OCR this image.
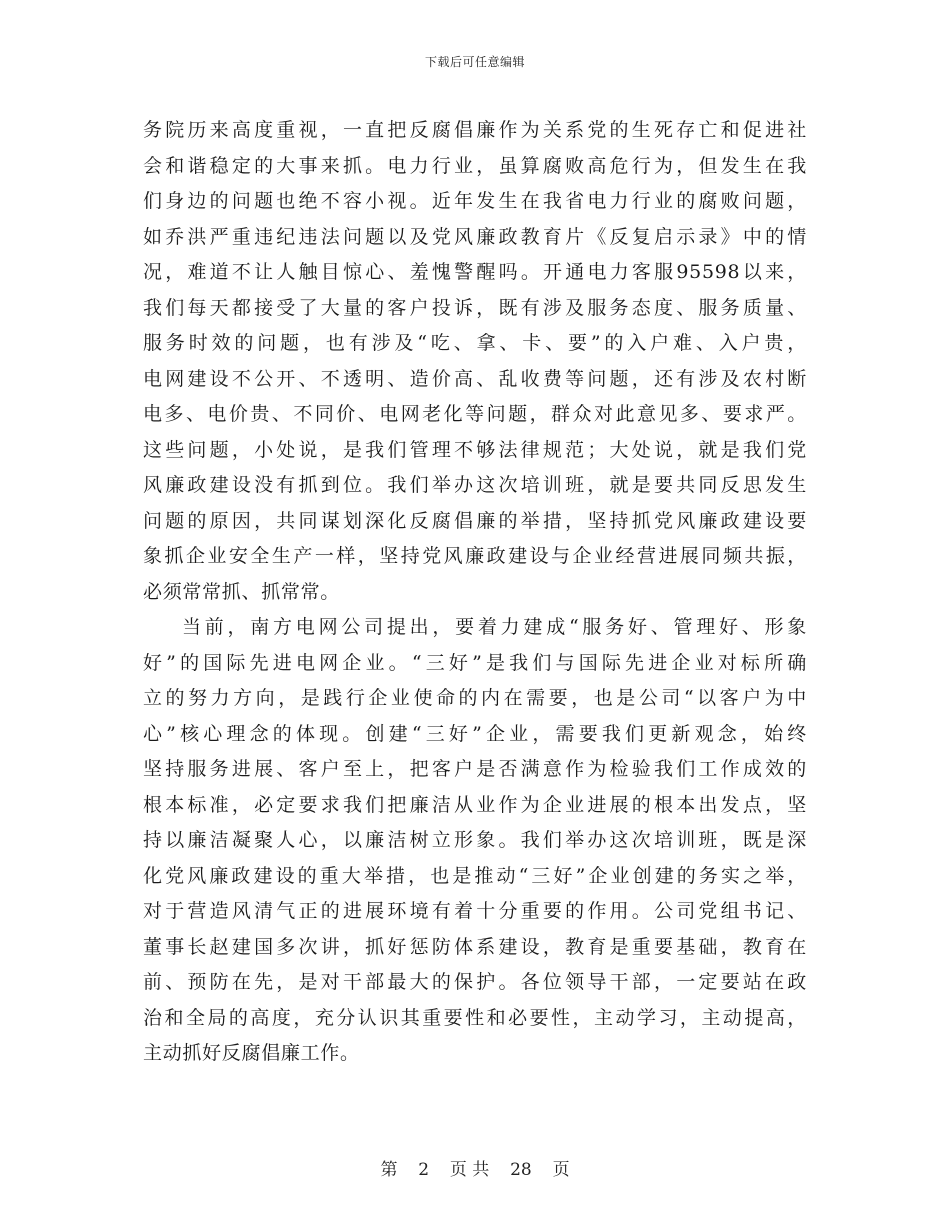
下载后可任意编辑
务院历来高度重视，一直把反腐倡廉作为关系党的生死存亡和促进社
会和谐稳定的大事来抓。电力行业，虽算腐败高危行为，但发生在我
们身边的问题也绝不容小视。近年发生在我省电力行业的腐败问题，
如乔洪严重违纪违法问题以及党风廉政教育片《反复启示录》中的情
况，难道不让人触目惊心、羞愧警醒吗。开通电力客服95598以来，
我们每天都接受了大量的客户投诉，既有涉及服务态度、服务质量、
服务时效的问题，也有涉及“吃、拿、卡、要”的入户难、入户贵，
电网建设不公开、不透明、造价高、乱收费等问题，还有涉及农村断
电多、电价贵、不同价、电网老化等问题，群众对此意见多、要求严。
这些问题，小处说，是我们管理不够法律规范；大处说，就是我们党
风廉政建设没有抓到位。我们举办这次培训班，就是要共同反思发生
问题的原因，共同谋划深化反腐倡廉的举措，坚持抓党风廉政建设要
象抓企业安全生产一样，坚持党风廉政建设与企业经营进展同频共振，
必须常常抓、抓常常。
当前，南方电网公司提出，要着力建成“服务好、管理好、形象
好”的国际先进电网企业。“三好”是我们与国际先进企业对标所确
立的努力方向，是践行企业使命的内在需要，也是公司“以客户为中
心”核心理念的体现。创建“三好”企业，需要我们更新观念，始终
坚持服务进展、客户至上，把客户是否满意作为检验我们工作成效的
根本标准，必定要求我们把廉洁从业作为企业进展的根本出发点，坚
持以廉洁凝聚人心，以廉洁树立形象。我们举办这次培训班，既是深
化党风廉政建设的重大举措，也是推动“三好”企业创建的务实之举，
对于营造风清气正的进展环境有着十分重要的作用。公司党组书记、
董事长赵建国多次讲，抓好惩防体系建设，教育是重要基础，教育在
前、预防在先，是对干部最大的保护。各位领导干部，一定要站在政
治和全局的高度，充分认识其重要性和必要性，主动学习，主动提高，
主动抓好反腐倡廉工作。
第 2 页 共 28 页
